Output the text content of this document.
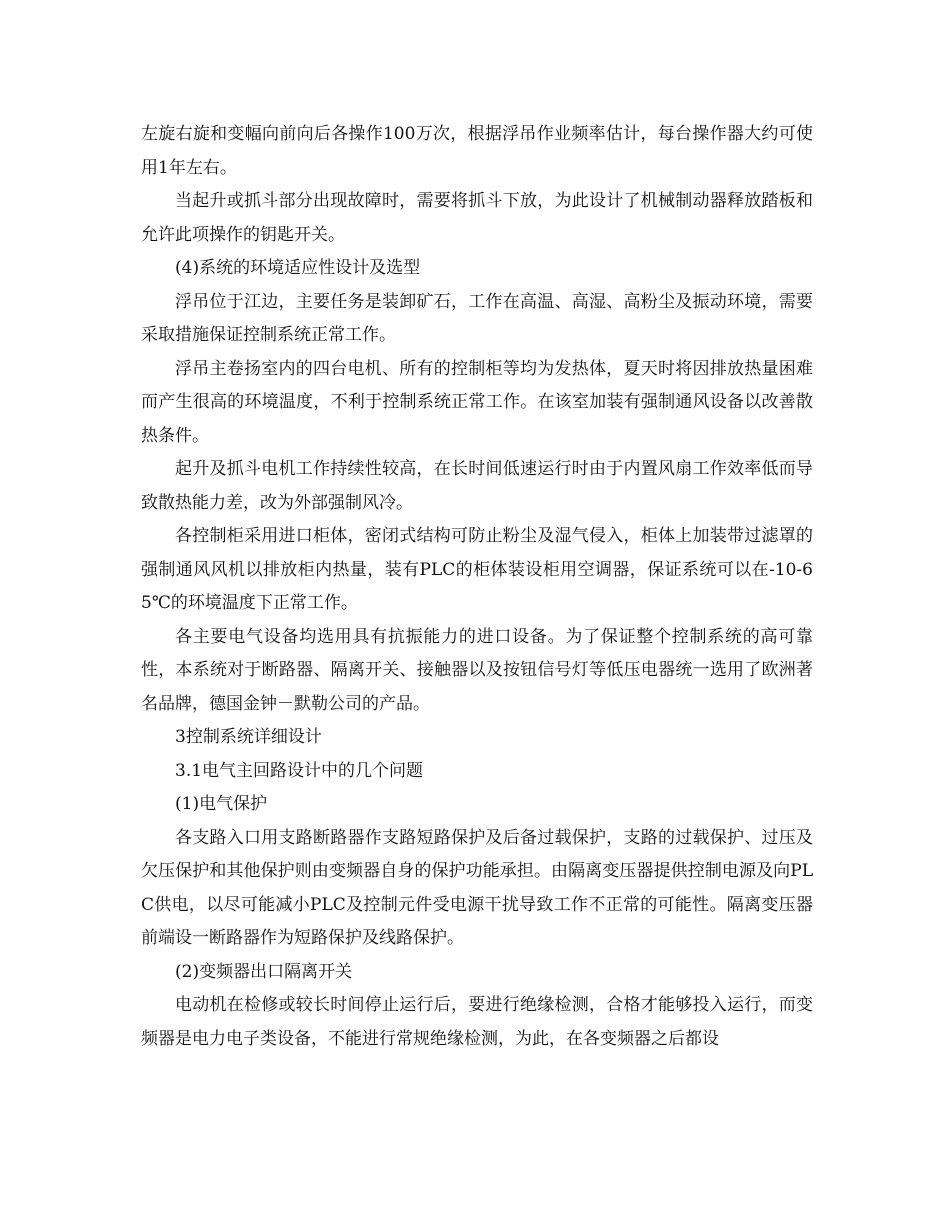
左旋右旋和变幅向前向后各操作100万次，根据浮吊作业频率估计，每台操作器大约可使用1年左右。

当起升或抓斗部分出现故障时，需要将抓斗下放，为此设计了机械制动器释放踏板和允许此项操作的钥匙开关。

(4)系统的环境适应性设计及选型

浮吊位于江边，主要任务是装卸矿石，工作在高温、高湿、高粉尘及振动环境，需要采取措施保证控制系统正常工作。

浮吊主卷扬室内的四台电机、所有的控制柜等均为发热体，夏天时将因排放热量困难而产生很高的环境温度，不利于控制系统正常工作。在该室加装有强制通风设备以改善散热条件。

起升及抓斗电机工作持续性较高，在长时间低速运行时由于内置风扇工作效率低而导致散热能力差，改为外部强制风冷。

各控制柜采用进口柜体，密闭式结构可防止粉尘及湿气侵入，柜体上加装带过滤罩的强制通风风机以排放柜内热量，装有PLC的柜体装设柜用空调器，保证系统可以在-10-65℃的环境温度下正常工作。

各主要电气设备均选用具有抗振能力的进口设备。为了保证整个控制系统的高可靠性，本系统对于断路器、隔离开关、接触器以及按钮信号灯等低压电器统一选用了欧洲著名品牌，德国金钟－默勒公司的产品。

3控制系统详细设计

3.1电气主回路设计中的几个问题

(1)电气保护

各支路入口用支路断路器作支路短路保护及后备过载保护，支路的过载保护、过压及欠压保护和其他保护则由变频器自身的保护功能承担。由隔离变压器提供控制电源及向PLC供电，以尽可能减小PLC及控制元件受电源干扰导致工作不正常的可能性。隔离变压器前端设一断路器作为短路保护及线路保护。

(2)变频器出口隔离开关

电动机在检修或较长时间停止运行后，要进行绝缘检测，合格才能够投入运行，而变频器是电力电子类设备，不能进行常规绝缘检测，为此，在各变频器之后都设
